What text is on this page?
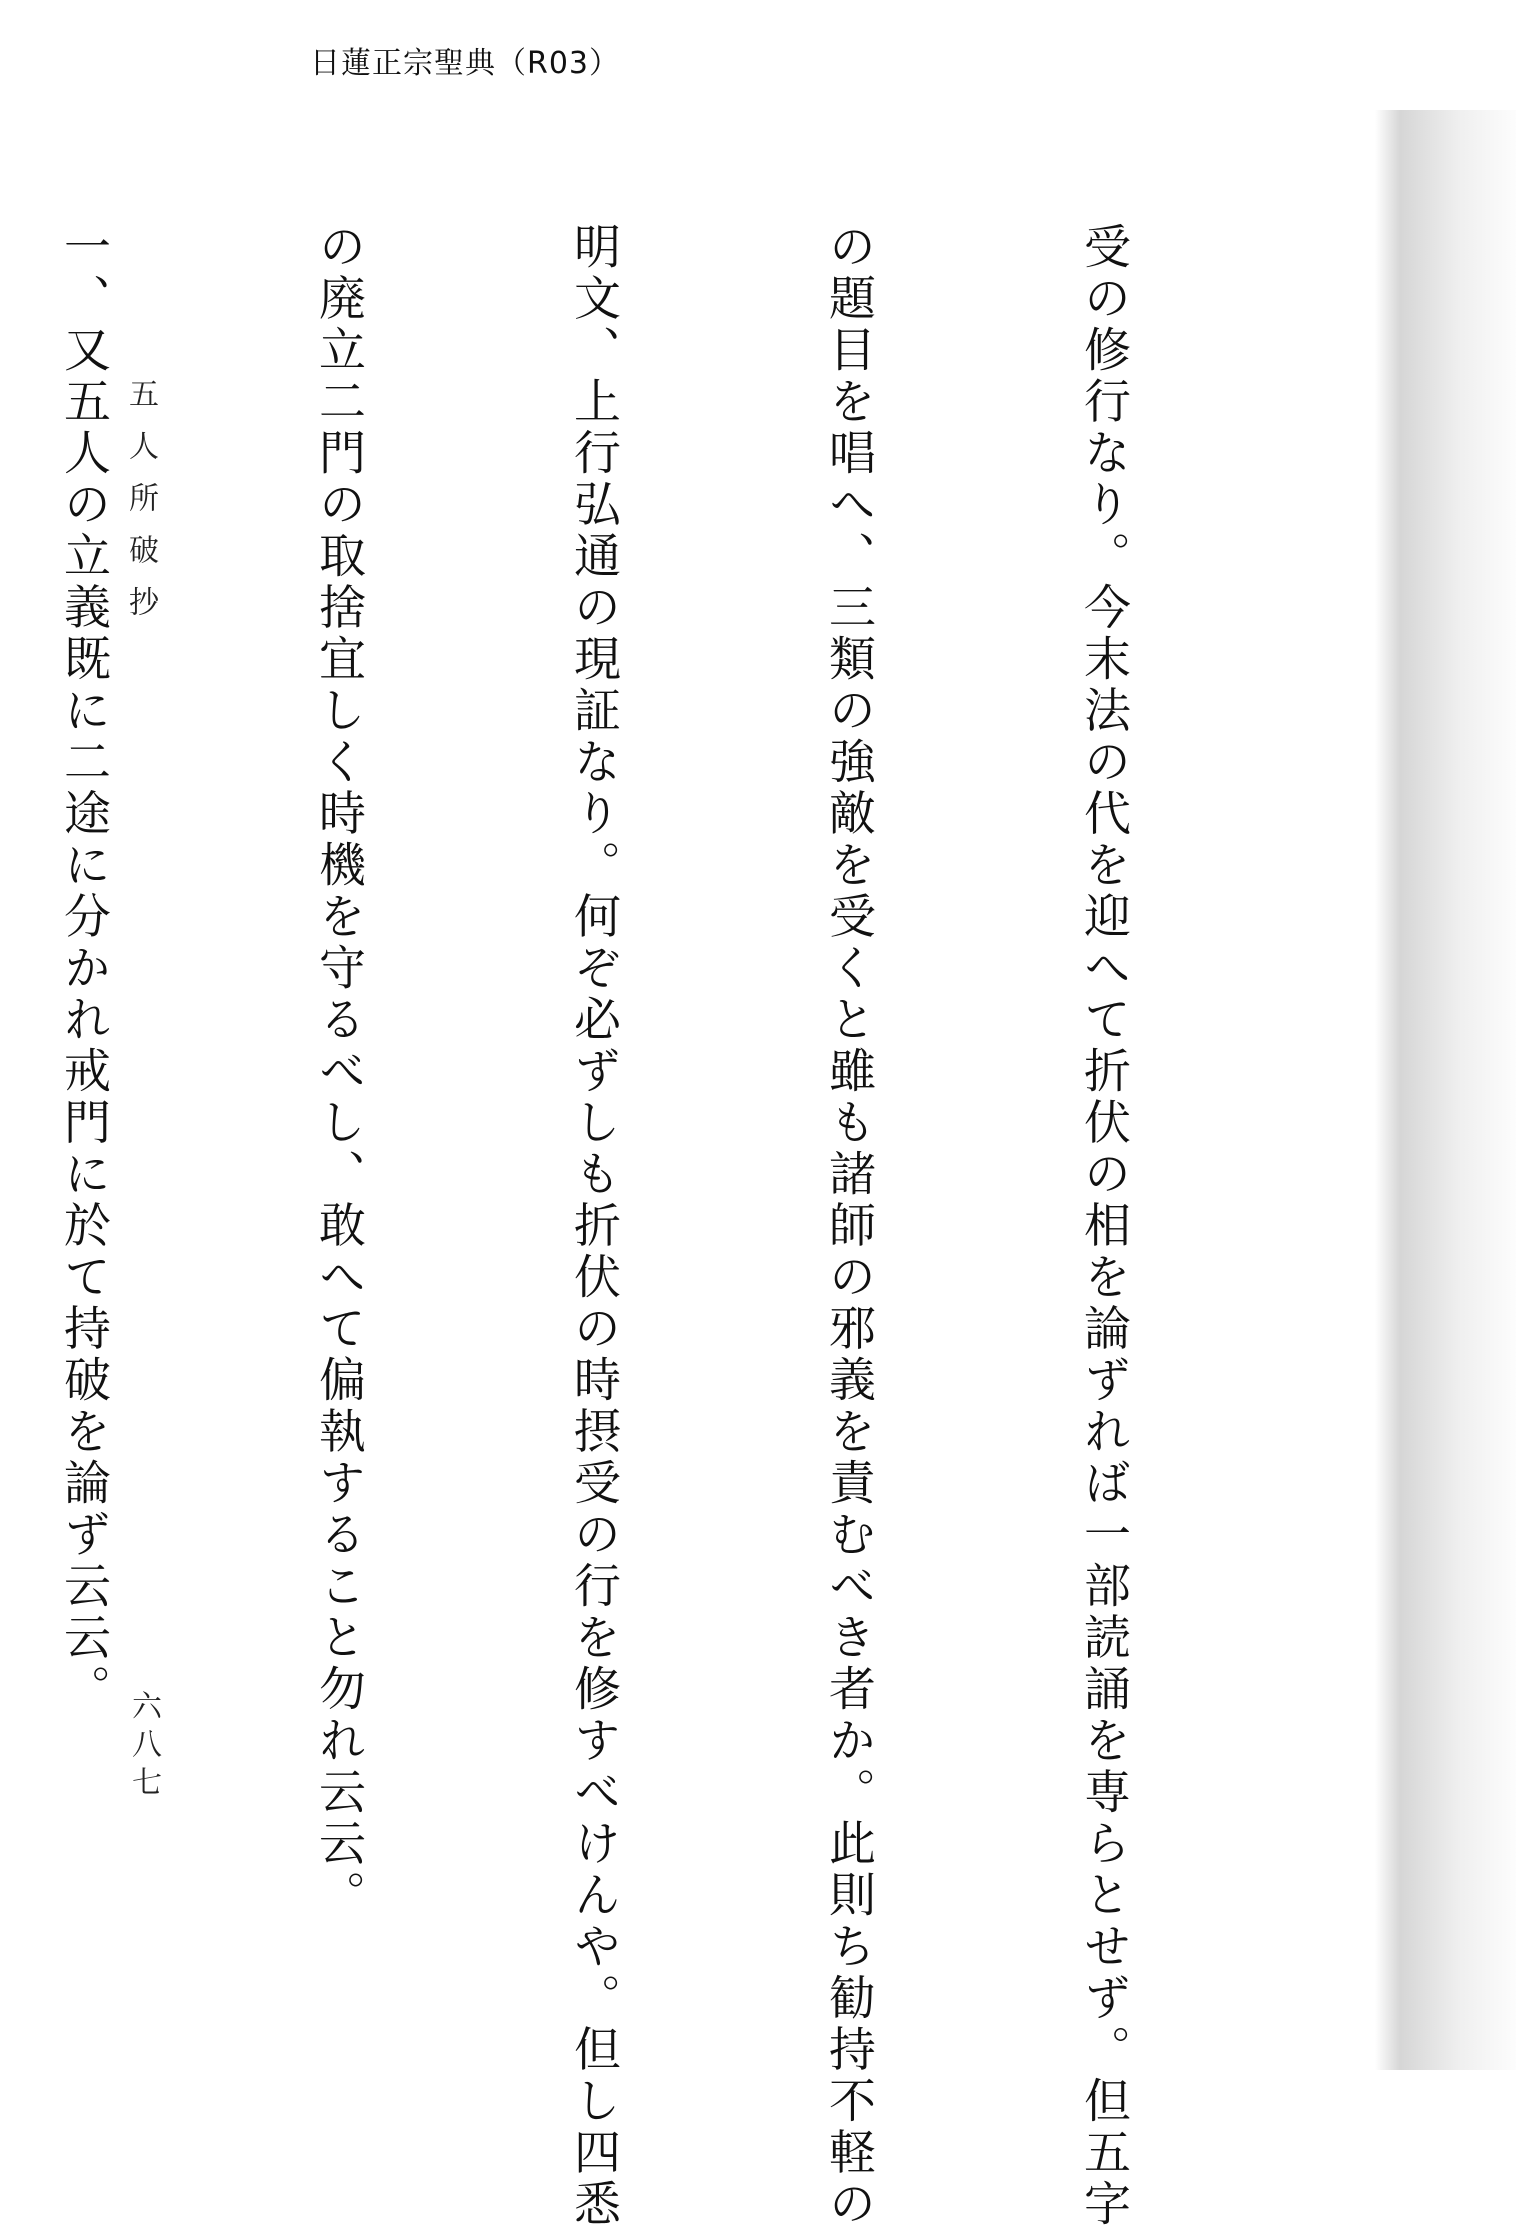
日蓮正宗聖典（R03）

受の修行なり。今末法の代を迎へて折伏の相を論ずれば一部読誦を専らとせず。但五字

の題目を唱へ、三類の強敵を受くと雖も諸師の邪義を責むべき者か。此則ち勧持不軽の

明文、上行弘通の現証なり。何ぞ必ずしも折伏の時摂受の行を修すべけんや。但し四悉

の廃立二門の取捨宜しく時機を守るべし、敢へて偏執すること勿れ云云。

一、又五人の立義既に二途に分かれ戒門に於て持破を論ず云云。

五人所破抄
六八七
